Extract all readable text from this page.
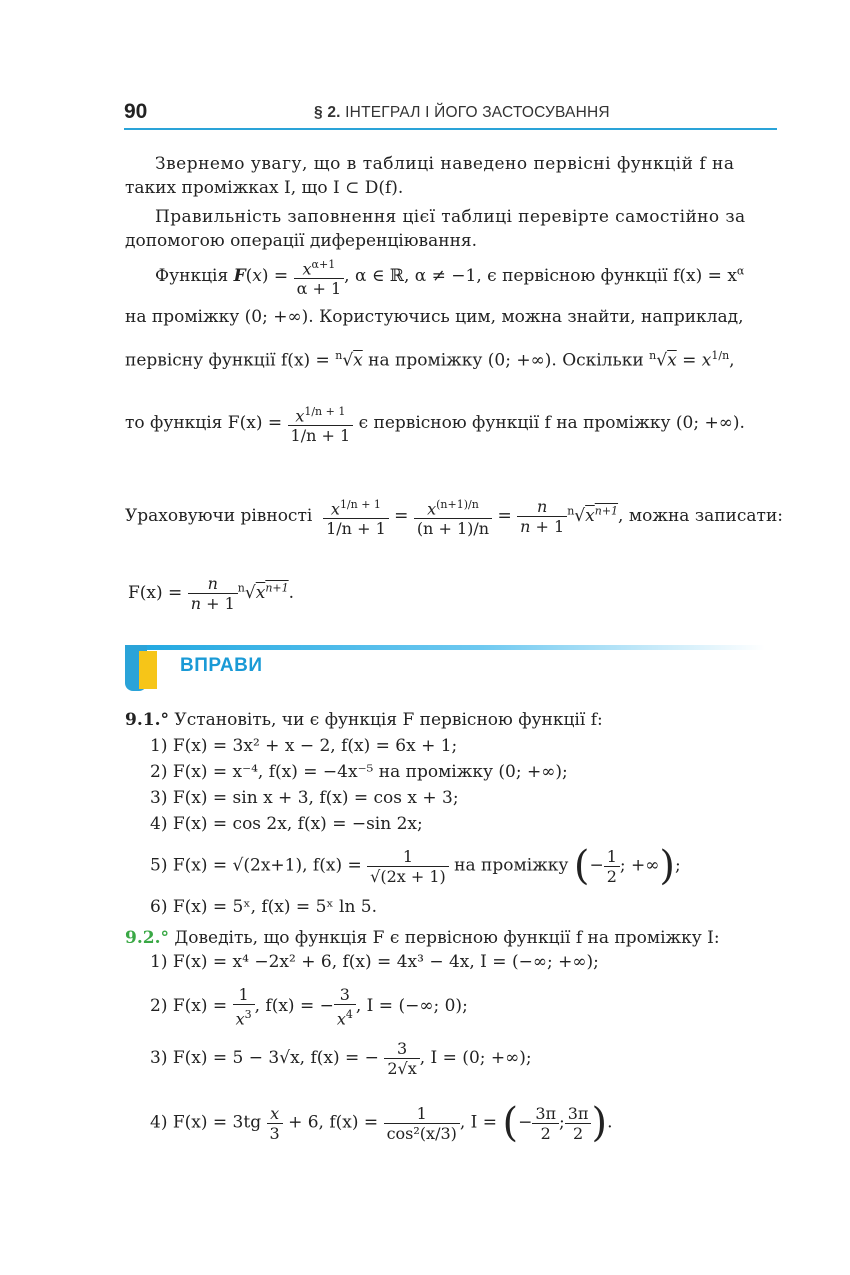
90	§ 2. ІНТЕГРАЛ І ЙОГО ЗАСТОСУВАННЯ
Звернемо увагу, що в таблиці наведено первісні функцій f на
таких проміжках I, що I ⊂ D(f).
Правильність заповнення цієї таблиці перевірте самостійно за
допомогою операції диференціювання.
Функція $F(x) = \frac{x^{\alpha+1}}{\alpha + 1}$ , α ∈ ℝ, α ≠ −1, є первісною функції $f(x) = x^\alpha$
на проміжку (0; +∞). Користуючись цим, можна знайти, наприклад,
первісну функції f(x) = $^n$√x на проміжку (0; +∞). Оскільки $^n√x = x^{1/n}$,
то функція $F(x) = \frac{x^{1/n + 1}}{1/n + 1}$ є первісною функції f на проміжку (0; +∞).
Ураховуючи рівності $\frac{x^{1/n + 1}}{1/n + 1} = \frac{x^{(n+1)/n}}{(n + 1)/n} = \frac{n}{n + 1} ^n√x^{n+1}$, можна записати:
$F(x) = \frac{n}{n + 1} ^n√x^{n+1}$.
ВПРАВИ
9.1.° Установіть, чи є функція F первісною функції f:
1) F(x) = 3x² + x − 2, f(x) = 6x + 1;
2) F(x) = x⁻⁴, f(x) = −4x⁻⁵ на проміжку (0; +∞);
3) F(x) = sin x + 3, f(x) = cos x + 3;
4) F(x) = cos 2x, f(x) = −sin 2x;
5) F(x) = √(2x+1), $f(x) = \frac{1}{√(2x + 1)}$ на проміжку (− $\frac{1}{2}$ ; +∞);
6) F(x) = 5ˣ, f(x) = 5ˣ ln 5.
9.2.° Доведіть, що функція F є первісною функції f на проміжку I:
1) F(x) = x⁴ −2x² + 6, f(x) = 4x³ − 4x, I = (−∞; +∞);
2) $F(x) = \frac{1}{x^3}$ , f(x) = − $\frac{3}{x^4}$ , I = (−∞; 0);
3) F(x) = 5 − 3√x, f(x) = − $\frac{3}{2√x}$ , I = (0; +∞);
4) $F(x) = 3tg \frac{x}{3} + 6$, $f(x) = \frac{1}{\text{cos²(x/3)}}$ , I = (− $\frac{3\pi}{2}$ ; $\frac{3\pi}{2}$ ).
